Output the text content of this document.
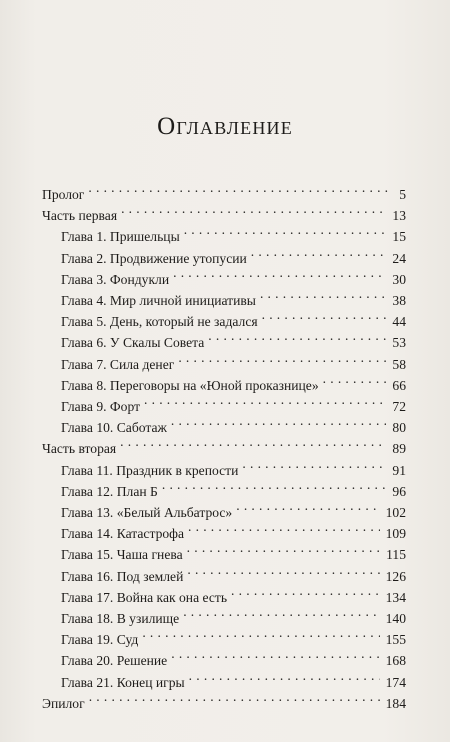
Оглавление
Пролог . . .	5
Часть первая . . .	13
Глава 1. Пришельцы . . .	15
Глава 2. Продвижение утопусии . . .	24
Глава 3. Фондукли . . .	30
Глава 4. Мир личной инициативы . . .	38
Глава 5. День, который не задался . . .	44
Глава 6. У Скалы Совета . . .	53
Глава 7. Сила денег . . .	58
Глава 8. Переговоры на «Юной проказнице» . . .	66
Глава 9. Форт . . .	72
Глава 10. Саботаж . . .	80
Часть вторая . . .	89
Глава 11. Праздник в крепости . . .	91
Глава 12. План Б . . .	96
Глава 13. «Белый Альбатрос» . . .	102
Глава 14. Катастрофа . . .	109
Глава 15. Чаша гнева . . .	115
Глава 16. Под землей . . .	126
Глава 17. Война как она есть . . .	134
Глава 18. В узилище . . .	140
Глава 19. Суд . . .	155
Глава 20. Решение . . .	168
Глава 21. Конец игры . . .	174
Эпилог . . .	184
